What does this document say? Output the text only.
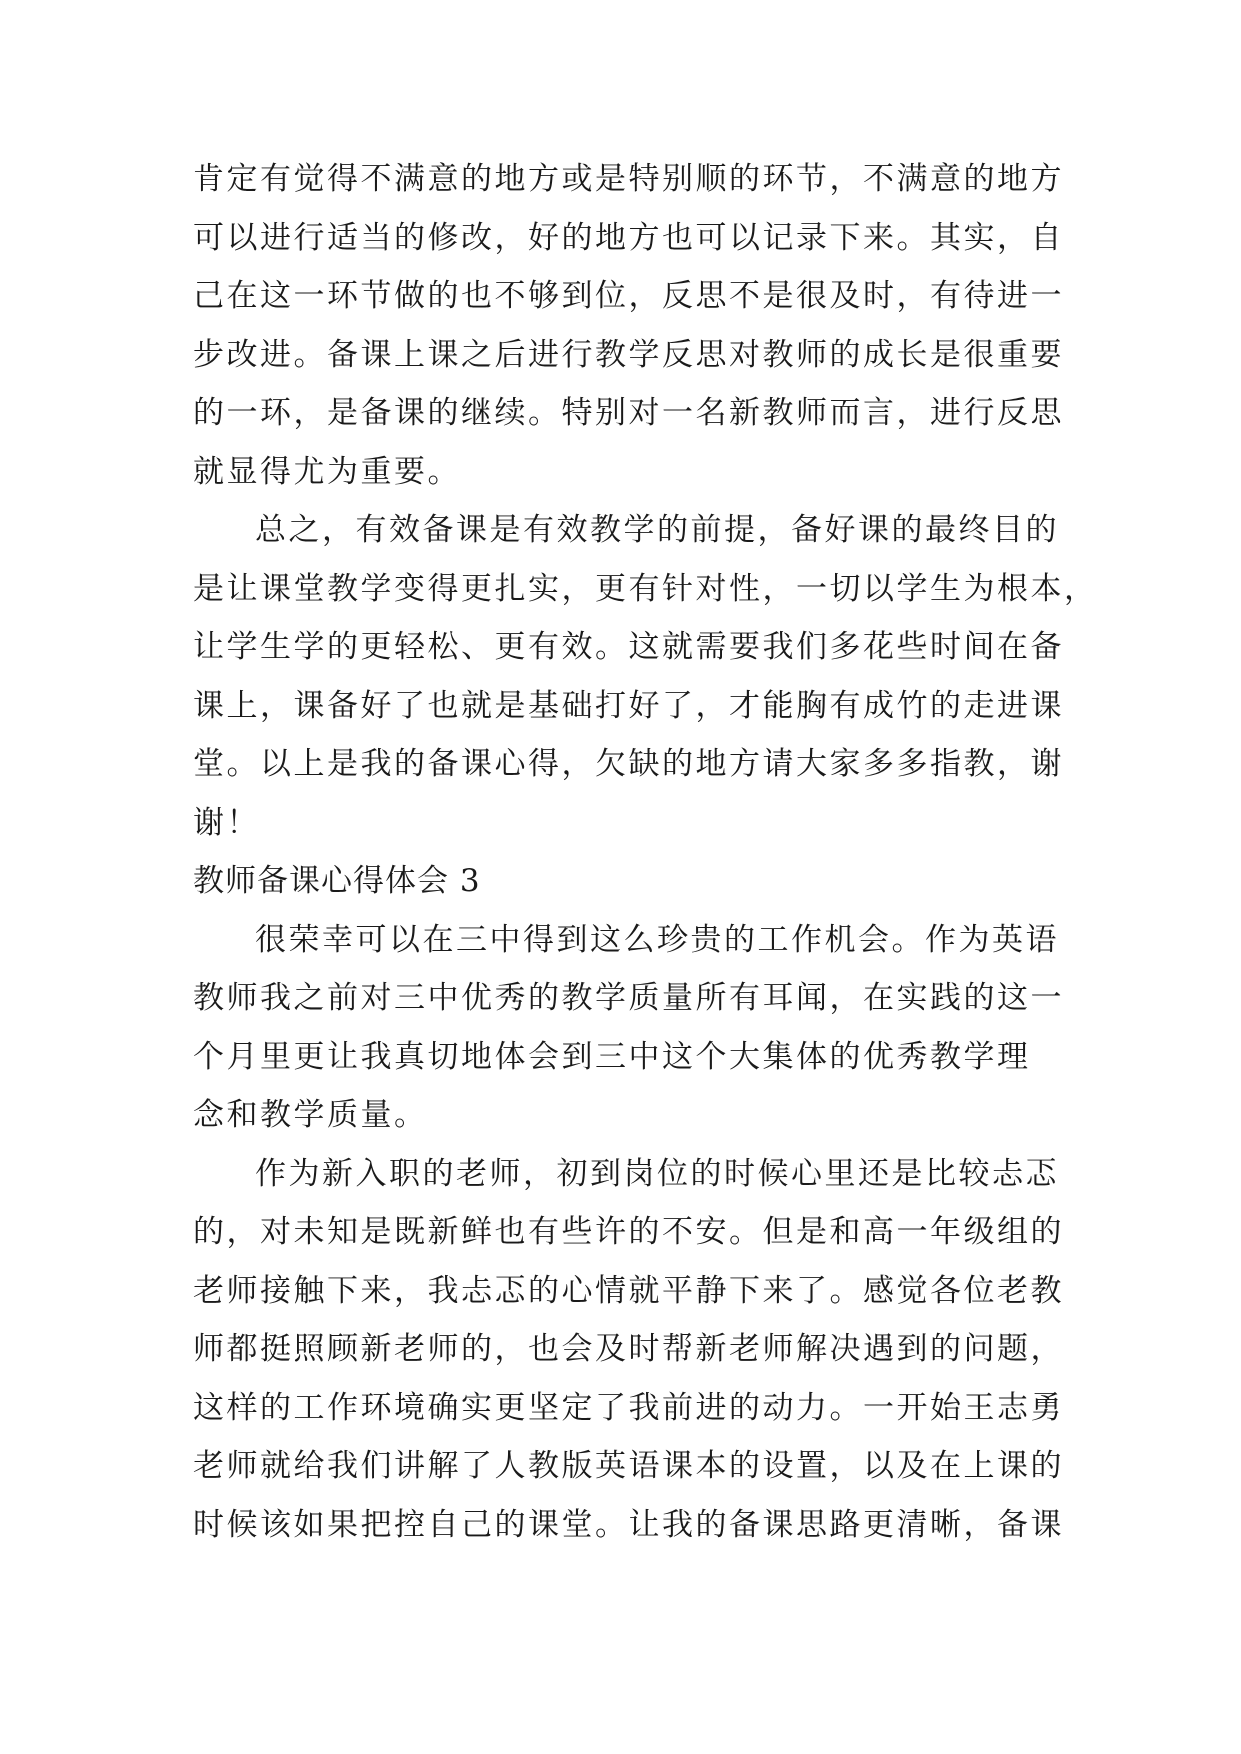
肯定有觉得不满意的地方或是特别顺的环节，不满意的地方
可以进行适当的修改，好的地方也可以记录下来。其实，自
己在这一环节做的也不够到位，反思不是很及时，有待进一
步改进。备课上课之后进行教学反思对教师的成长是很重要
的一环，是备课的继续。特别对一名新教师而言，进行反思
就显得尤为重要。

总之，有效备课是有效教学的前提，备好课的最终目的
是让课堂教学变得更扎实，更有针对性，一切以学生为根本，
让学生学的更轻松、更有效。这就需要我们多花些时间在备
课上，课备好了也就是基础打好了，才能胸有成竹的走进课
堂。以上是我的备课心得，欠缺的地方请大家多多指教，谢
谢！

教师备课心得体会 3

很荣幸可以在三中得到这么珍贵的工作机会。作为英语
教师我之前对三中优秀的教学质量所有耳闻，在实践的这一
个月里更让我真切地体会到三中这个大集体的优秀教学理
念和教学质量。

作为新入职的老师，初到岗位的时候心里还是比较忐忑
的，对未知是既新鲜也有些许的不安。但是和高一年级组的
老师接触下来，我忐忑的心情就平静下来了。感觉各位老教
师都挺照顾新老师的，也会及时帮新老师解决遇到的问题，
这样的工作环境确实更坚定了我前进的动力。一开始王志勇
老师就给我们讲解了人教版英语课本的设置，以及在上课的
时候该如果把控自己的课堂。让我的备课思路更清晰，备课
